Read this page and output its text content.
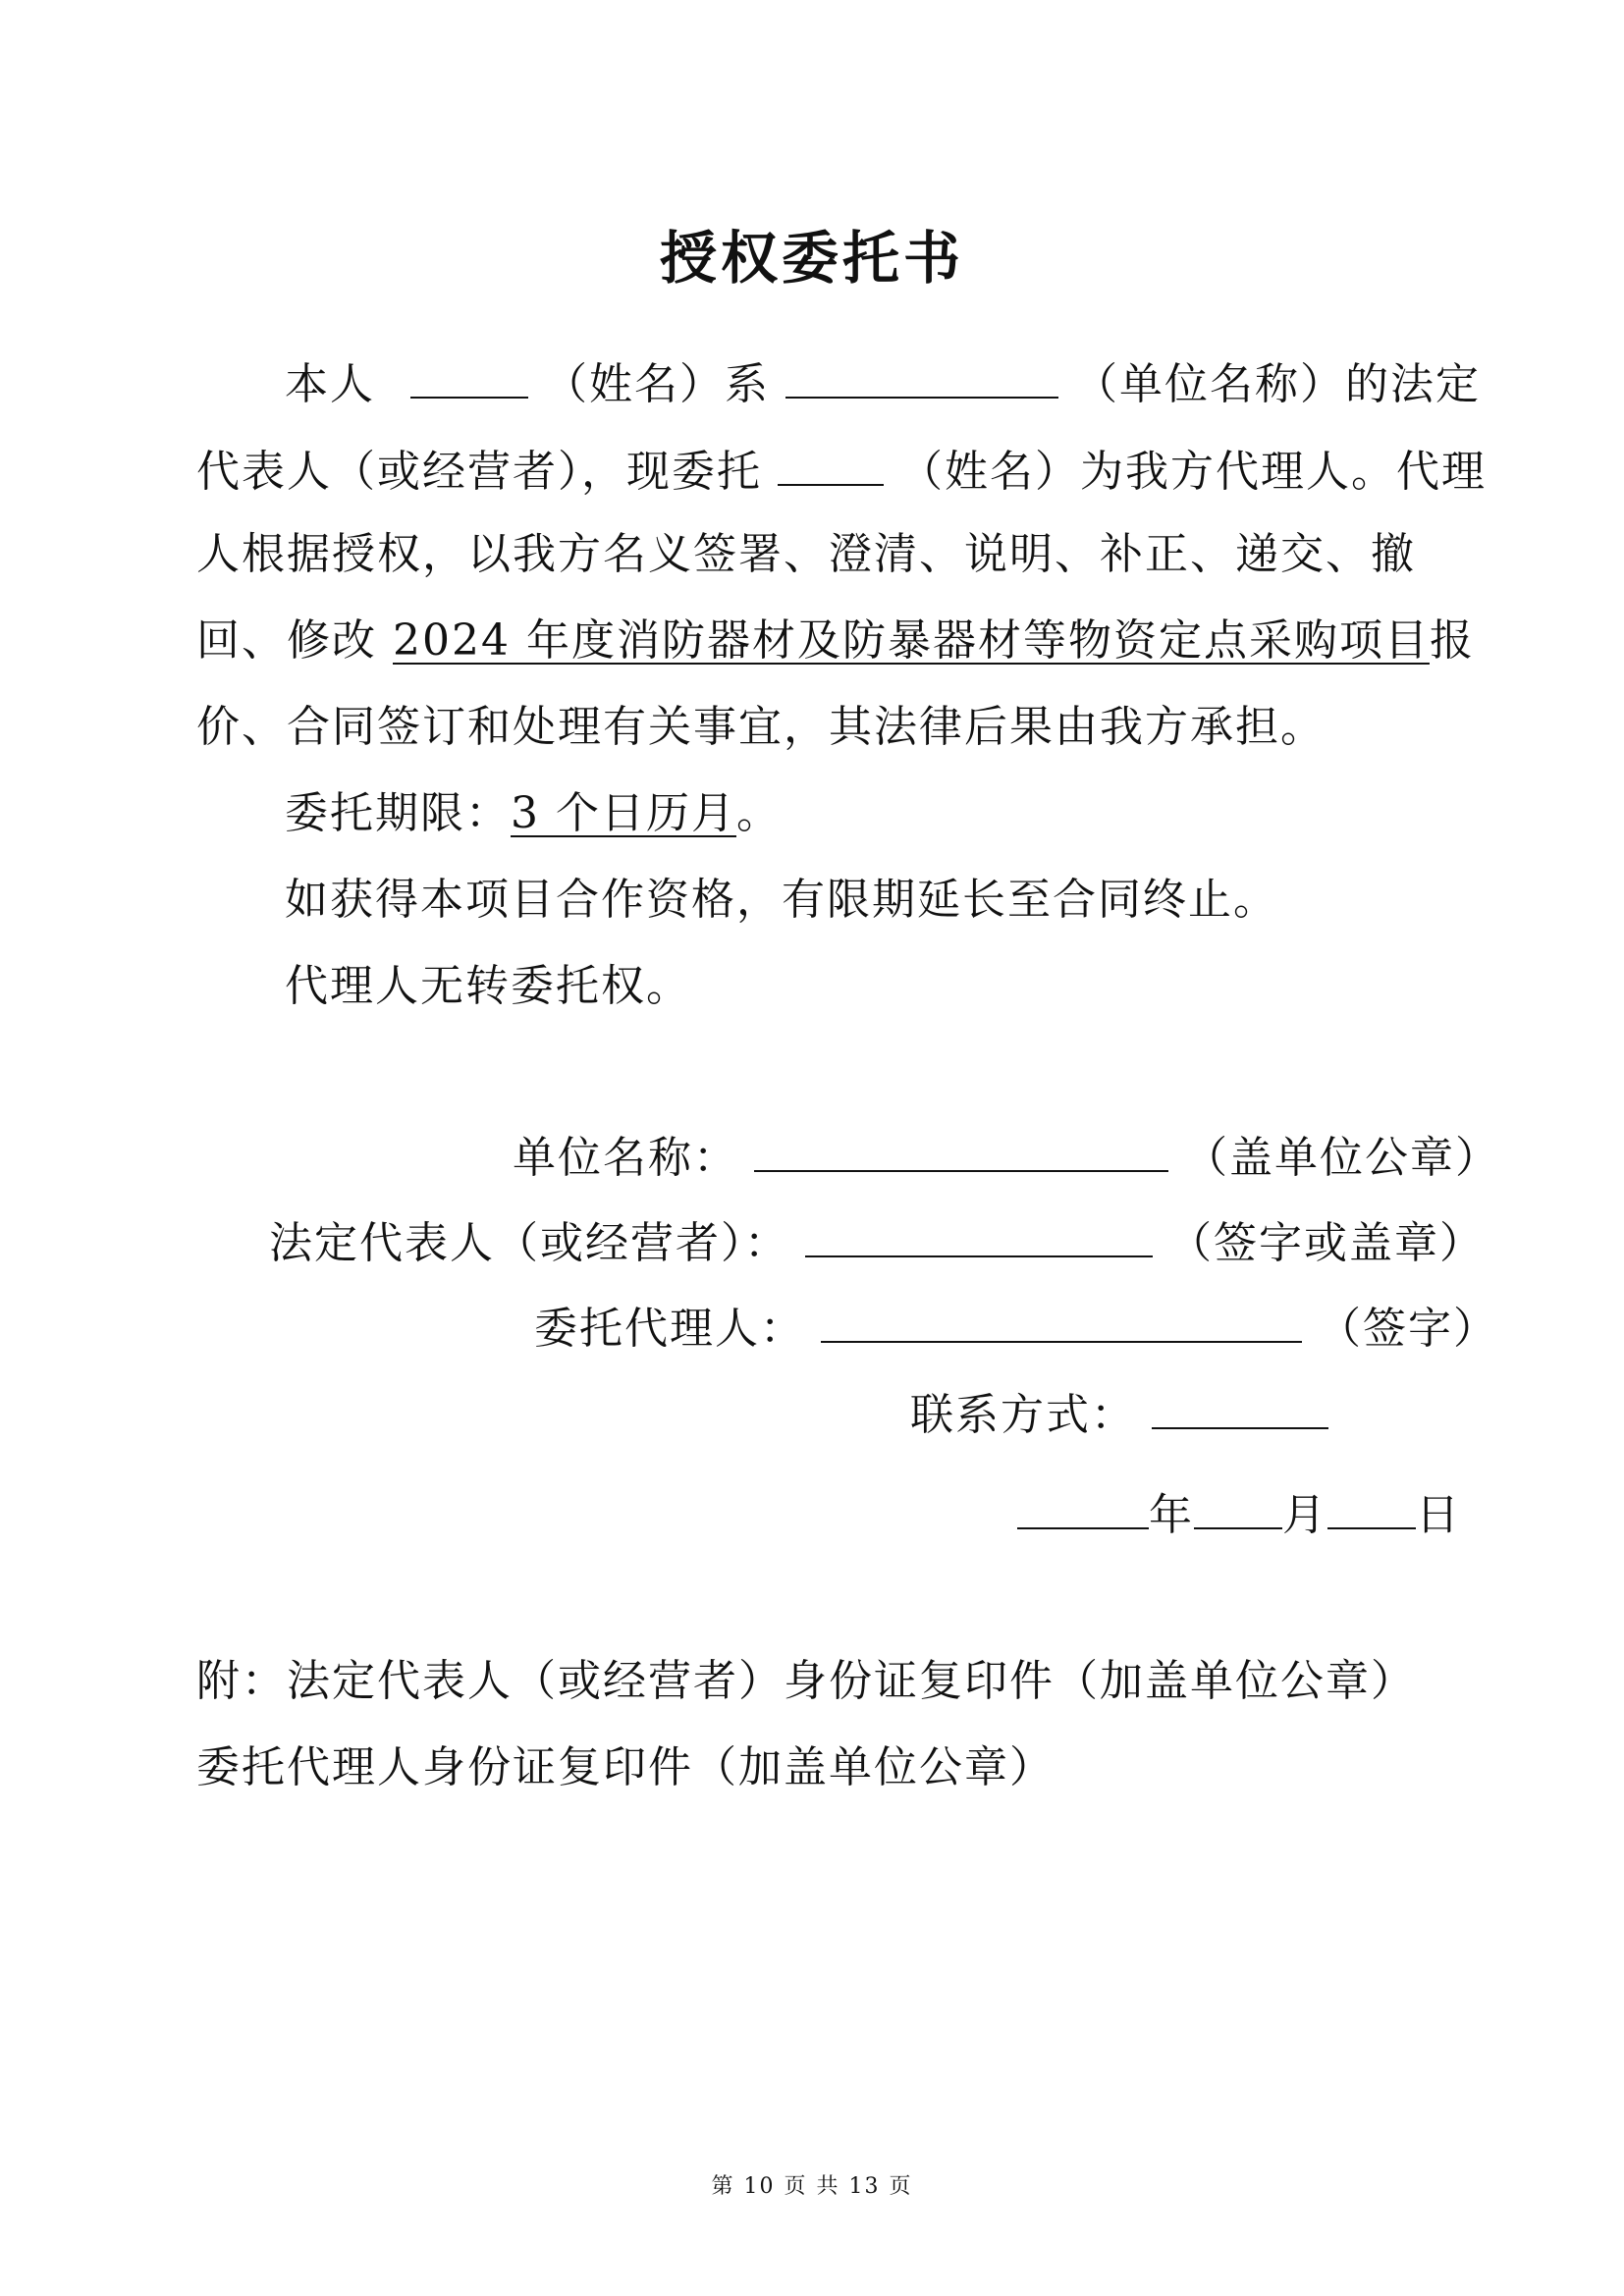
授权委托书
本人	（姓名）系	（单位名称）的法定
代表人（或经营者），现委托	（姓名）为我方代理人。代理
人根据授权，以我方名义签署、澄清、说明、补正、递交、撤
回、修改 2024 年度消防器材及防暴器材等物资定点采购项目报
价、合同签订和处理有关事宜，其法律后果由我方承担。
委托期限：3 个日历月。
如获得本项目合作资格，有限期延长至合同终止。
代理人无转委托权。
单位名称：	（盖单位公章）
法定代表人（或经营者）：	（签字或盖章）
委托代理人：	（签字）
联系方式：
年 月 日
附：法定代表人（或经营者）身份证复印件（加盖单位公章）
委托代理人身份证复印件（加盖单位公章）
第 10 页 共 13 页
